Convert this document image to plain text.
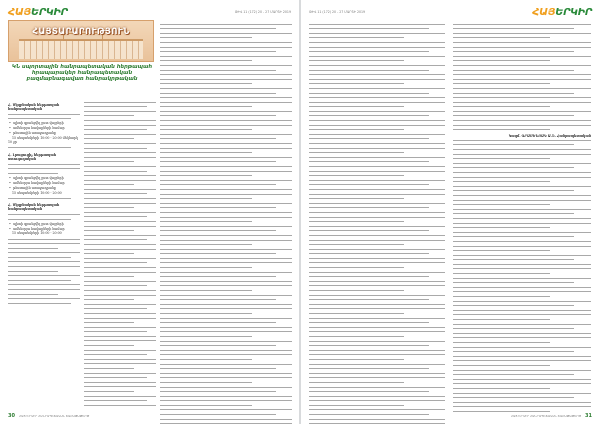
ՀԱՅԵՐԿԻՐ	ԹԻՎ 11 (172) 20 - 27 ՄԱՐՏԻ 2019
ՀԱՅՏԱՐԱՐՈՒԹՅՈՒՆ
ԿՆ սպորտային հանրապետական հերթապահ հրապարակեր հանրապետական բազմաբնագավառ հանրակրթական
Հ. Սկզբնական հերթապահ հանրապետական
• պիտի գրանցվել ըստ վայրերի
• ամենօրյա հավաքների համար
• թեստային առաջադրանք
15 սեպտեմբերի 10:00 - 20:00 մեկնարկ 10 ջր
Հ. Լրացուցիչ հերթապահ ստուգողական
• պիտի գրանցվել ըստ վայրերի
• ամենօրյա հավաքների համար
• թեստային առաջադրանք
15 սեպտեմբերի 10:00 - 20:00
Հ. Սկզբնական հերթապահ հանրապետական
• պիտի գրանցվել ըստ վայրերի
• ամենօրյա հավաքների համար
15 սեպտեմբերի 10:00 - 20:00
30 ՀԱՅ ԵՐԿԻՐ ՀԱՆՐԱՊԵՏԱԿԱՆ ՇԱԲԱԹԱԹԵՐԹ
ԹԻՎ 11 (172) 20 - 27 ՄԱՐՏԻ 2019	ՀԱՅԵՐԿԻՐ
Կազմ. ԳՐԱՍԵՆՅԱԿ Ա.Ն. Հանրապետական
ՀԱՅ ԵՐԿԻՐ ՀԱՆՐԱՊԵՏԱԿԱՆ ՇԱԲԱԹԱԹԵՐԹ 31
